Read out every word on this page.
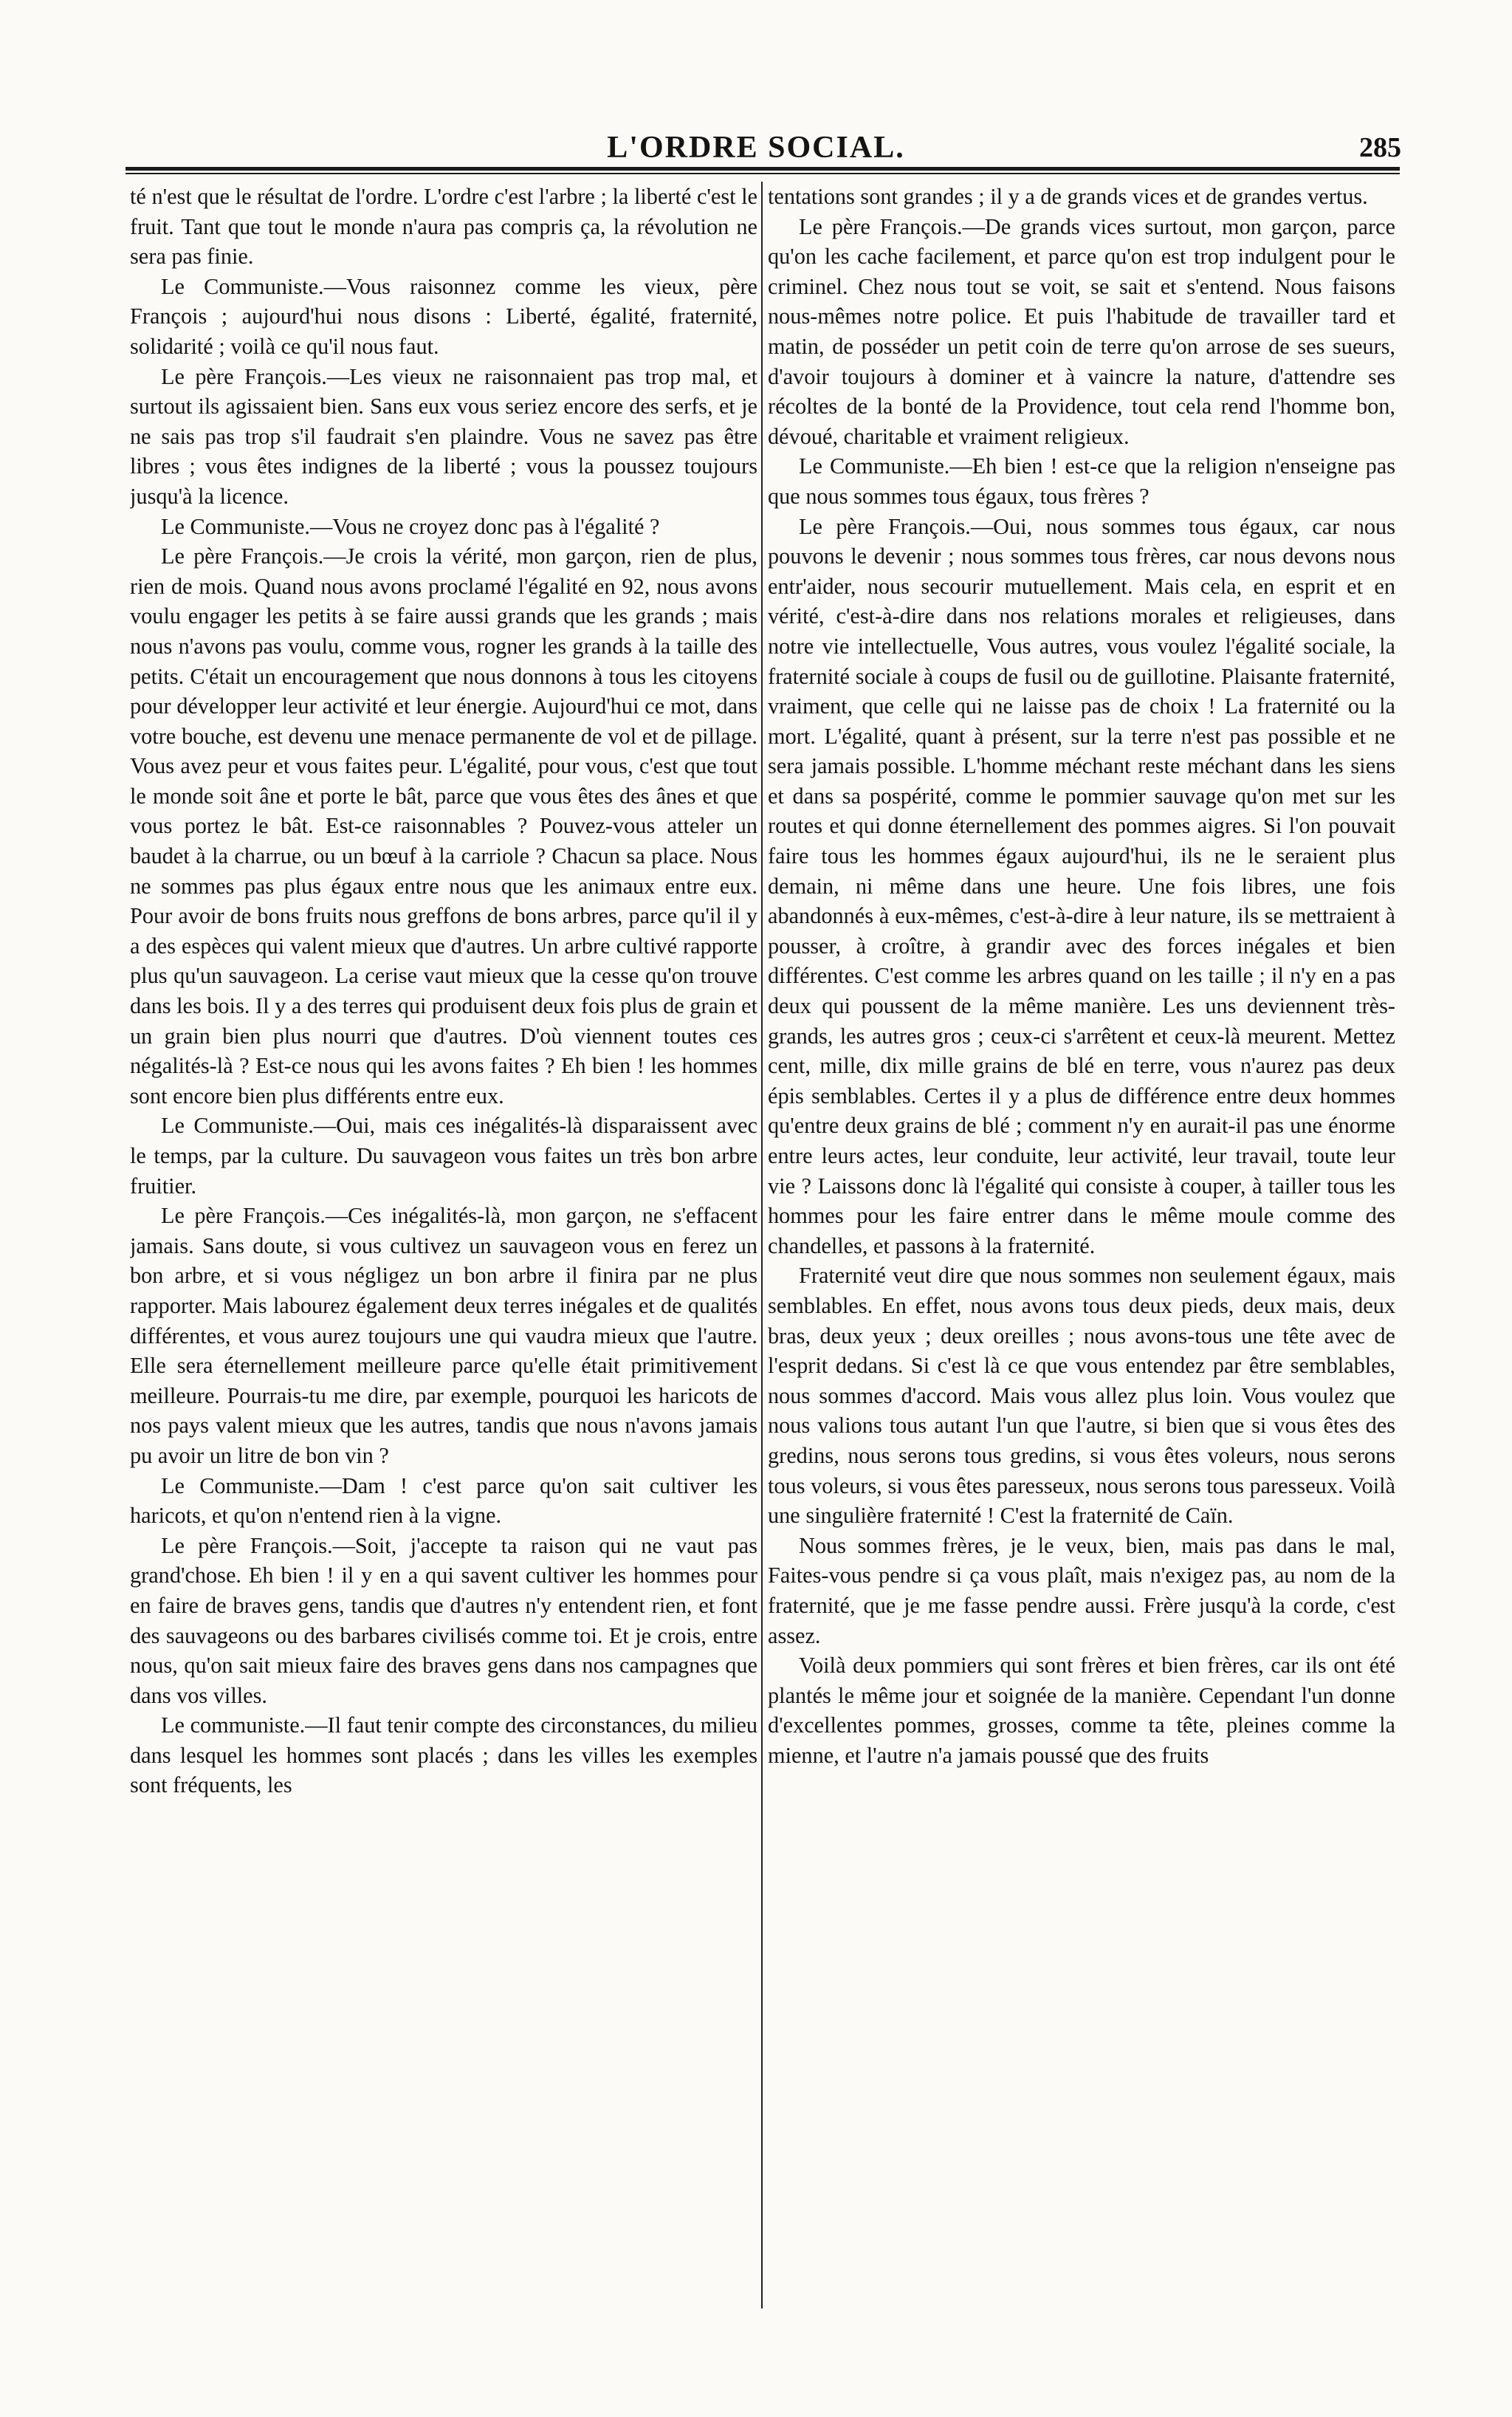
L'ORDRE SOCIAL.	285

té n'est que le résultat de l'ordre. L'ordre c'est l'arbre ; la liberté c'est le fruit. Tant que tout le monde n'aura pas compris ça, la révolution ne sera pas finie.

Le Communiste.—Vous raisonnez comme les vieux, père François ; aujourd'hui nous disons : Liberté, égalité, fraternité, solidarité ; voilà ce qu'il nous faut.

Le père François.—Les vieux ne raisonnaient pas trop mal, et surtout ils agissaient bien. Sans eux vous seriez encore des serfs, et je ne sais pas trop s'il faudrait s'en plaindre. Vous ne savez pas être libres ; vous êtes indignes de la liberté ; vous la poussez toujours jusqu'à la licence.

Le Communiste.—Vous ne croyez donc pas à l'égalité ?

Le père François.—Je crois la vérité, mon garçon, rien de plus, rien de mois. Quand nous avons proclamé l'égalité en 92, nous avons voulu engager les petits à se faire aussi grands que les grands ; mais nous n'avons pas voulu, comme vous, rogner les grands à la taille des petits. C'était un encouragement que nous donnons à tous les citoyens pour développer leur activité et leur énergie. Aujourd'hui ce mot, dans votre bouche, est devenu une menace permanente de vol et de pillage. Vous avez peur et vous faites peur. L'égalité, pour vous, c'est que tout le monde soit âne et porte le bât, parce que vous êtes des ânes et que vous portez le bât. Est-ce raisonnables ? Pouvez-vous atteler un baudet à la charrue, ou un bœuf à la carriole ? Chacun sa place. Nous ne sommes pas plus égaux entre nous que les animaux entre eux. Pour avoir de bons fruits nous greffons de bons arbres, parce qu'il il y a des espèces qui valent mieux que d'autres. Un arbre cultivé rapporte plus qu'un sauvageon. La cerise vaut mieux que la cesse qu'on trouve dans les bois. Il y a des terres qui produisent deux fois plus de grain et un grain bien plus nourri que d'autres. D'où viennent toutes ces négalités-là ? Est-ce nous qui les avons faites ? Eh bien ! les hommes sont encore bien plus différents entre eux.

Le Communiste.—Oui, mais ces inégalités-là disparaissent avec le temps, par la culture. Du sauvageon vous faites un très bon arbre fruitier.

Le père François.—Ces inégalités-là, mon garçon, ne s'effacent jamais. Sans doute, si vous cultivez un sauvageon vous en ferez un bon arbre, et si vous négligez un bon arbre il finira par ne plus rapporter. Mais labourez également deux terres inégales et de qualités différentes, et vous aurez toujours une qui vaudra mieux que l'autre. Elle sera éternellement meilleure parce qu'elle était primitivement meilleure. Pourrais-tu me dire, par exemple, pourquoi les haricots de nos pays valent mieux que les autres, tandis que nous n'avons jamais pu avoir un litre de bon vin ?

Le Communiste.—Dam ! c'est parce qu'on sait cultiver les haricots, et qu'on n'entend rien à la vigne.

Le père François.—Soit, j'accepte ta raison qui ne vaut pas grand'chose. Eh bien ! il y en a qui savent cultiver les hommes pour en faire de braves gens, tandis que d'autres n'y entendent rien, et font des sauvageons ou des barbares civilisés comme toi. Et je crois, entre nous, qu'on sait mieux faire des braves gens dans nos campagnes que dans vos villes.

Le communiste.—Il faut tenir compte des circonstances, du milieu dans lesquel les hommes sont placés ; dans les villes les exemples sont fréquents, les

tentations sont grandes ; il y a de grands vices et de grandes vertus.

Le père François.—De grands vices surtout, mon garçon, parce qu'on les cache facilement, et parce qu'on est trop indulgent pour le criminel. Chez nous tout se voit, se sait et s'entend. Nous faisons nous-mêmes notre police. Et puis l'habitude de travailler tard et matin, de posséder un petit coin de terre qu'on arrose de ses sueurs, d'avoir toujours à dominer et à vaincre la nature, d'attendre ses récoltes de la bonté de la Providence, tout cela rend l'homme bon, dévoué, charitable et vraiment religieux.

Le Communiste.—Eh bien ! est-ce que la religion n'enseigne pas que nous sommes tous égaux, tous frères ?

Le père François.—Oui, nous sommes tous égaux, car nous pouvons le devenir ; nous sommes tous frères, car nous devons nous entr'aider, nous secourir mutuellement. Mais cela, en esprit et en vérité, c'est-à-dire dans nos relations morales et religieuses, dans notre vie intellectuelle, Vous autres, vous voulez l'égalité sociale, la fraternité sociale à coups de fusil ou de guillotine. Plaisante fraternité, vraiment, que celle qui ne laisse pas de choix ! La fraternité ou la mort. L'égalité, quant à présent, sur la terre n'est pas possible et ne sera jamais possible. L'homme méchant reste méchant dans les siens et dans sa pospérité, comme le pommier sauvage qu'on met sur les routes et qui donne éternellement des pommes aigres. Si l'on pouvait faire tous les hommes égaux aujourd'hui, ils ne le seraient plus demain, ni même dans une heure. Une fois libres, une fois abandonnés à eux-mêmes, c'est-à-dire à leur nature, ils se mettraient à pousser, à croître, à grandir avec des forces inégales et bien différentes. C'est comme les arbres quand on les taille ; il n'y en a pas deux qui poussent de la même manière. Les uns deviennent très-grands, les autres gros ; ceux-ci s'arrêtent et ceux-là meurent. Mettez cent, mille, dix mille grains de blé en terre, vous n'aurez pas deux épis semblables. Certes il y a plus de différence entre deux hommes qu'entre deux grains de blé ; comment n'y en aurait-il pas une énorme entre leurs actes, leur conduite, leur activité, leur travail, toute leur vie ? Laissons donc là l'égalité qui consiste à couper, à tailler tous les hommes pour les faire entrer dans le même moule comme des chandelles, et passons à la fraternité.

Fraternité veut dire que nous sommes non seulement égaux, mais semblables. En effet, nous avons tous deux pieds, deux mais, deux bras, deux yeux ; deux oreilles ; nous avons-tous une tête avec de l'esprit dedans. Si c'est là ce que vous entendez par être semblables, nous sommes d'accord. Mais vous allez plus loin. Vous voulez que nous valions tous autant l'un que l'autre, si bien que si vous êtes des gredins, nous serons tous gredins, si vous êtes voleurs, nous serons tous voleurs, si vous êtes paresseux, nous serons tous paresseux. Voilà une singulière fraternité ! C'est la fraternité de Caïn.

Nous sommes frères, je le veux, bien, mais pas dans le mal, Faites-vous pendre si ça vous plaît, mais n'exigez pas, au nom de la fraternité, que je me fasse pendre aussi. Frère jusqu'à la corde, c'est assez.

Voilà deux pommiers qui sont frères et bien frères, car ils ont été plantés le même jour et soignée de la manière. Cependant l'un donne d'excellentes pommes, grosses, comme ta tête, pleines comme la mienne, et l'autre n'a jamais poussé que des fruits
